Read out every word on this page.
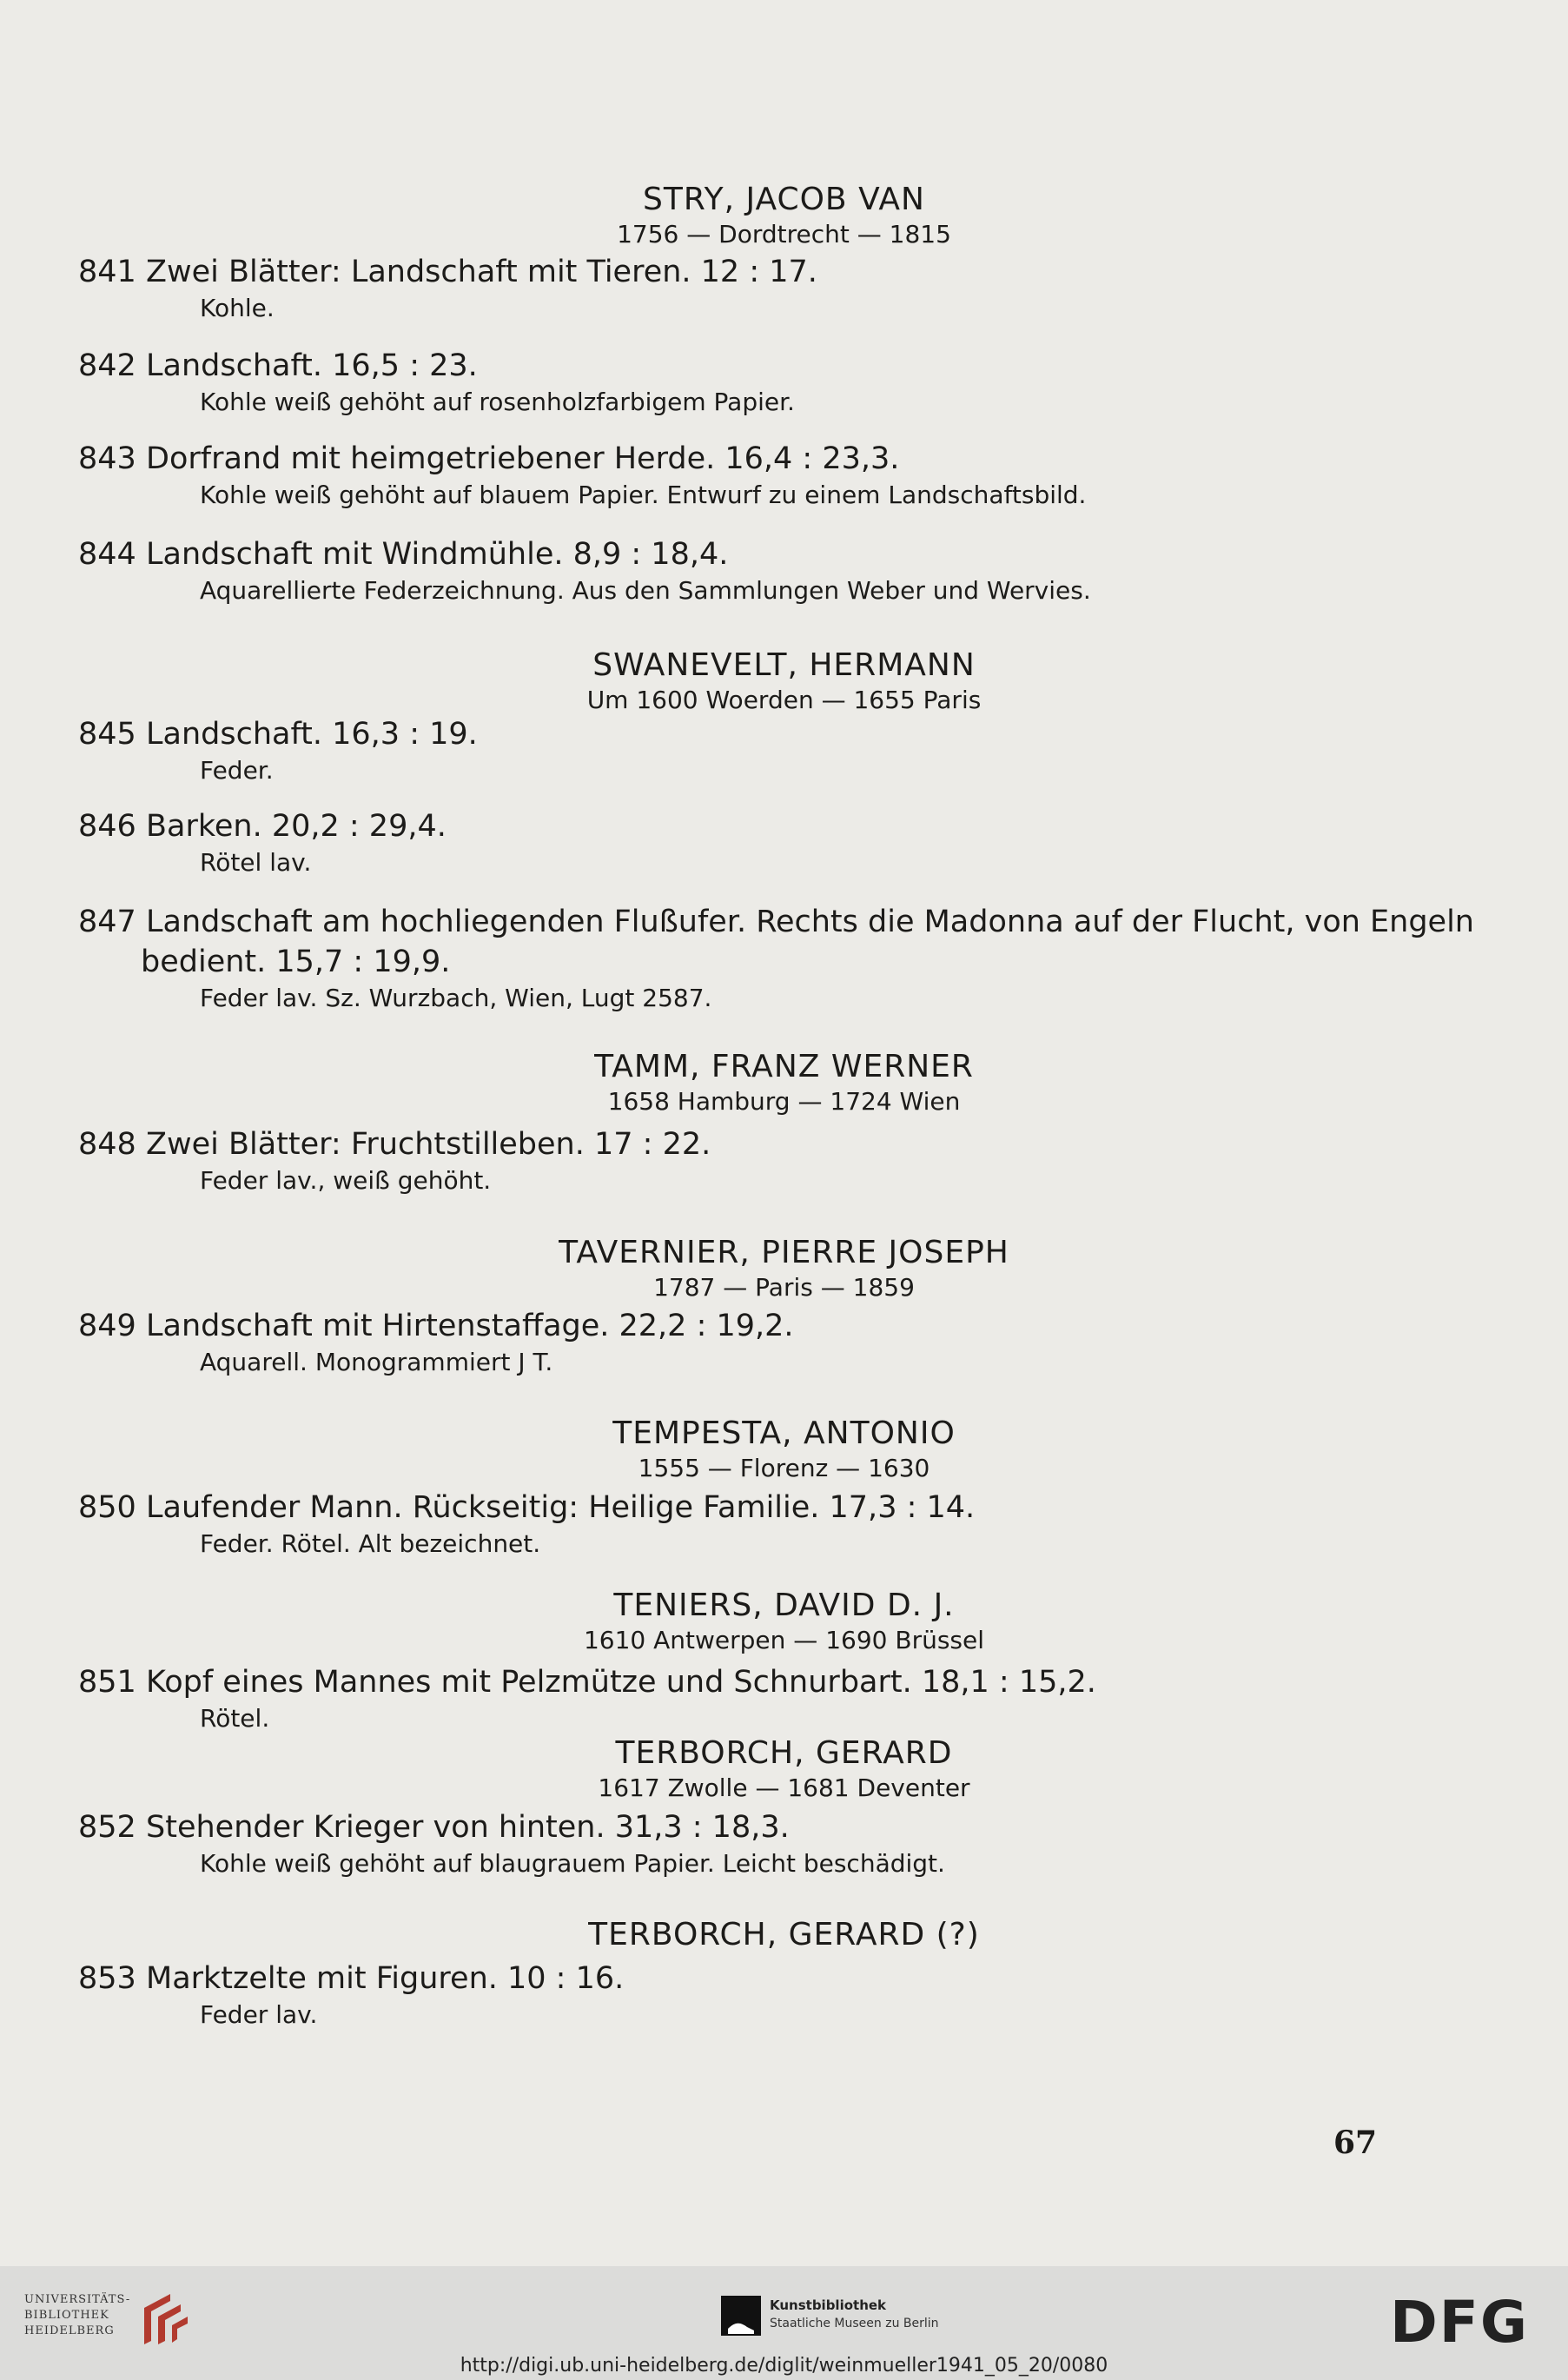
STRY, JACOB VAN
1756 — Dordtrecht — 1815
841 Zwei Blätter: Landschaft mit Tieren. 12 : 17.
Kohle.
842 Landschaft. 16,5 : 23.
Kohle weiß gehöht auf rosenholzfarbigem Papier.
843 Dorfrand mit heimgetriebener Herde. 16,4 : 23,3.
Kohle weiß gehöht auf blauem Papier. Entwurf zu einem Landschaftsbild.
844 Landschaft mit Windmühle. 8,9 : 18,4.
Aquarellierte Federzeichnung. Aus den Sammlungen Weber und Wervies.
SWANEVELT, HERMANN
Um 1600 Woerden — 1655 Paris
845 Landschaft. 16,3 : 19.
Feder.
846 Barken. 20,2 : 29,4.
Rötel lav.
847 Landschaft am hochliegenden Flußufer. Rechts die Madonna auf der Flucht, von Engeln
bedient. 15,7 : 19,9.
Feder lav. Sz. Wurzbach, Wien, Lugt 2587.
TAMM, FRANZ WERNER
1658 Hamburg — 1724 Wien
848 Zwei Blätter: Fruchtstilleben. 17 : 22.
Feder lav., weiß gehöht.
TAVERNIER, PIERRE JOSEPH
1787 — Paris — 1859
849 Landschaft mit Hirtenstaffage. 22,2 : 19,2.
Aquarell. Monogrammiert J T.
TEMPESTA, ANTONIO
1555 — Florenz — 1630
850 Laufender Mann. Rückseitig: Heilige Familie. 17,3 : 14.
Feder. Rötel. Alt bezeichnet.
TENIERS, DAVID D. J.
1610 Antwerpen — 1690 Brüssel
851 Kopf eines Mannes mit Pelzmütze und Schnurbart. 18,1 : 15,2.
Rötel.
TERBORCH, GERARD
1617 Zwolle — 1681 Deventer
852 Stehender Krieger von hinten. 31,3 : 18,3.
Kohle weiß gehöht auf blaugrauem Papier. Leicht beschädigt.
TERBORCH, GERARD (?)
853 Marktzelte mit Figuren. 10 : 16.
Feder lav.
67
UNIVERSITÄTS-
BIBLIOTHEK
HEIDELBERG
Kunstbibliothek
Staatliche Museen zu Berlin	DFG
http://digi.ub.uni-heidelberg.de/diglit/weinmueller1941_05_20/0080
